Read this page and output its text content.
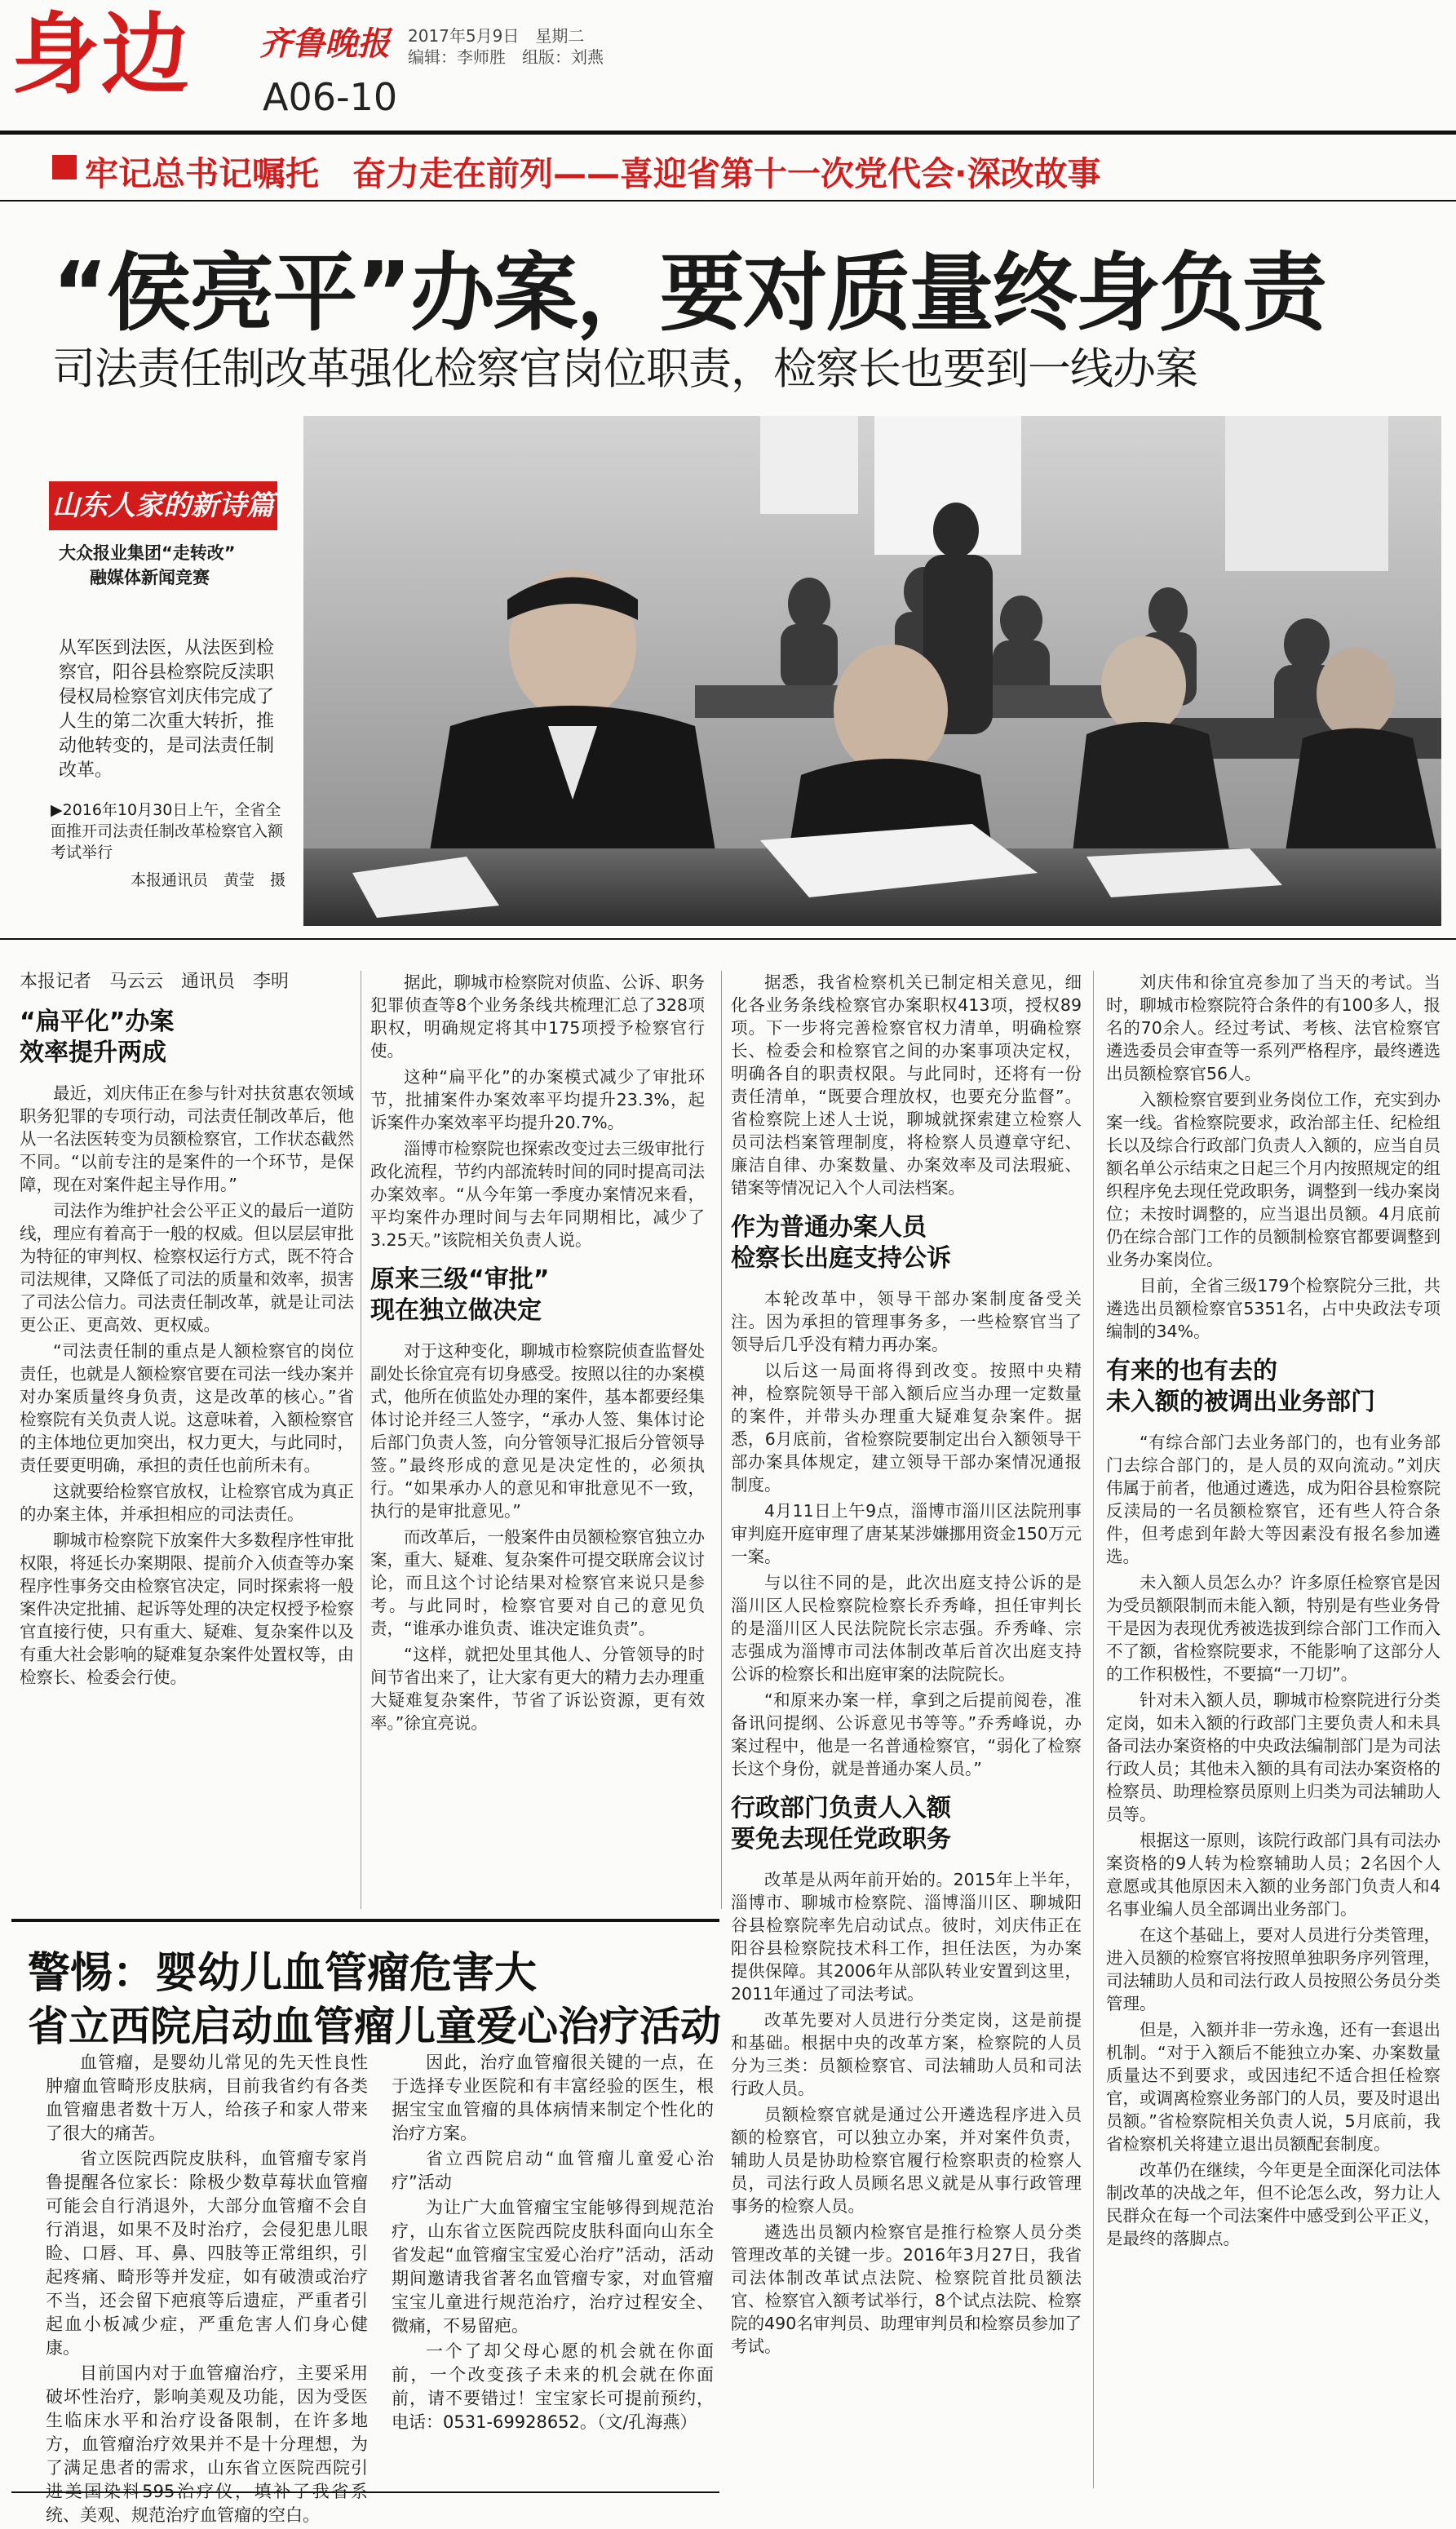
身边 齐鲁晚报 2017年5月9日　星期二
编辑：李师胜　组版：刘燕
A06-10
牢记总书记嘱托　奋力走在前列——喜迎省第十一次党代会·深改故事
“侯亮平”办案，要对质量终身负责
司法责任制改革强化检察官岗位职责，检察长也要到一线办案
山东人家的新诗篇
大众报业集团“走转改”
融媒体新闻竞赛
从军医到法医，从法医到检察官，阳谷县检察院反渎职侵权局检察官刘庆伟完成了人生的第二次重大转折，推动他转变的，是司法责任制改革。
▶2016年10月30日上午，全省全面推开司法责任制改革检察官入额考试举行
本报通讯员　黄莹　摄

本报记者　马云云　通讯员　李明

“扁平化”办案
效率提升两成

最近，刘庆伟正在参与针对扶贫惠农领域职务犯罪的专项行动，司法责任制改革后，他从一名法医转变为员额检察官，工作状态截然不同。“以前专注的是案件的一个环节，是保障，现在对案件起主导作用。”

司法作为维护社会公平正义的最后一道防线，理应有着高于一般的权威。但以层层审批为特征的审判权、检察权运行方式，既不符合司法规律，又降低了司法的质量和效率，损害了司法公信力。司法责任制改革，就是让司法更公正、更高效、更权威。

“司法责任制的重点是人额检察官的岗位责任，也就是人额检察官要在司法一线办案并对办案质量终身负责，这是改革的核心。”省检察院有关负责人说。这意味着，入额检察官的主体地位更加突出，权力更大，与此同时，责任要更明确，承担的责任也前所未有。

这就要给检察官放权，让检察官成为真正的办案主体，并承担相应的司法责任。

聊城市检察院下放案件大多数程序性审批权限，将延长办案期限、提前介入侦查等办案程序性事务交由检察官决定，同时探索将一般案件决定批捕、起诉等处理的决定权授予检察官直接行使，只有重大、疑难、复杂案件以及有重大社会影响的疑难复杂案件处置权等，由检察长、检委会行使。

据此，聊城市检察院对侦监、公诉、职务犯罪侦查等8个业务条线共梳理汇总了328项职权，明确规定将其中175项授予检察官行使。

这种“扁平化”的办案模式减少了审批环节，批捕案件办案效率平均提升23.3%，起诉案件办案效率平均提升20.7%。

淄博市检察院也探索改变过去三级审批行政化流程，节约内部流转时间的同时提高司法办案效率。“从今年第一季度办案情况来看，平均案件办理时间与去年同期相比，减少了3.25天。”该院相关负责人说。

原来三级“审批”
现在独立做决定

对于这种变化，聊城市检察院侦查监督处副处长徐宜亮有切身感受。按照以往的办案模式，他所在侦监处办理的案件，基本都要经集体讨论并经三人签字，“承办人签、集体讨论后部门负责人签，向分管领导汇报后分管领导签。”最终形成的意见是决定性的，必须执行。“如果承办人的意见和审批意见不一致，执行的是审批意见。”

而改革后，一般案件由员额检察官独立办案，重大、疑难、复杂案件可提交联席会议讨论，而且这个讨论结果对检察官来说只是参考。与此同时，检察官要对自己的意见负责，“谁承办谁负责、谁决定谁负责”。

“这样，就把处里其他人、分管领导的时间节省出来了，让大家有更大的精力去办理重大疑难复杂案件，节省了诉讼资源，更有效率。”徐宜亮说。

据悉，我省检察机关已制定相关意见，细化各业务条线检察官办案职权413项，授权89项。下一步将完善检察官权力清单，明确检察长、检委会和检察官之间的办案事项决定权，明确各自的职责权限。与此同时，还将有一份责任清单，“既要合理放权，也要充分监督”。省检察院上述人士说，聊城就探索建立检察人员司法档案管理制度，将检察人员遵章守纪、廉洁自律、办案数量、办案效率及司法瑕疵、错案等情况记入个人司法档案。

作为普通办案人员
检察长出庭支持公诉

本轮改革中，领导干部办案制度备受关注。因为承担的管理事务多，一些检察官当了领导后几乎没有精力再办案。

以后这一局面将得到改变。按照中央精神，检察院领导干部入额后应当办理一定数量的案件，并带头办理重大疑难复杂案件。据悉，6月底前，省检察院要制定出台入额领导干部办案具体规定，建立领导干部办案情况通报制度。

4月11日上午9点，淄博市淄川区法院刑事审判庭开庭审理了唐某某涉嫌挪用资金150万元一案。

与以往不同的是，此次出庭支持公诉的是淄川区人民检察院检察长乔秀峰，担任审判长的是淄川区人民法院院长宗志强。乔秀峰、宗志强成为淄博市司法体制改革后首次出庭支持公诉的检察长和出庭审案的法院院长。

“和原来办案一样，拿到之后提前阅卷，准备讯问提纲、公诉意见书等等。”乔秀峰说，办案过程中，他是一名普通检察官，“弱化了检察长这个身份，就是普通办案人员。”

行政部门负责人入额
要免去现任党政职务

改革是从两年前开始的。2015年上半年，淄博市、聊城市检察院、淄博淄川区、聊城阳谷县检察院率先启动试点。彼时，刘庆伟正在阳谷县检察院技术科工作，担任法医，为办案提供保障。其2006年从部队转业安置到这里，2011年通过了司法考试。

改革先要对人员进行分类定岗，这是前提和基础。根据中央的改革方案，检察院的人员分为三类：员额检察官、司法辅助人员和司法行政人员。

员额检察官就是通过公开遴选程序进入员额的检察官，可以独立办案，并对案件负责，辅助人员是协助检察官履行检察职责的检察人员，司法行政人员顾名思义就是从事行政管理事务的检察人员。

遴选出员额内检察官是推行检察人员分类管理改革的关键一步。2016年3月27日，我省司法体制改革试点法院、检察院首批员额法官、检察官入额考试举行，8个试点法院、检察院的490名审判员、助理审判员和检察员参加了考试。

刘庆伟和徐宜亮参加了当天的考试。当时，聊城市检察院符合条件的有100多人，报名的70余人。经过考试、考核、法官检察官遴选委员会审查等一系列严格程序，最终遴选出员额检察官56人。

入额检察官要到业务岗位工作，充实到办案一线。省检察院要求，政治部主任、纪检组长以及综合行政部门负责人入额的，应当自员额名单公示结束之日起三个月内按照规定的组织程序免去现任党政职务，调整到一线办案岗位；未按时调整的，应当退出员额。4月底前仍在综合部门工作的员额制检察官都要调整到业务办案岗位。

目前，全省三级179个检察院分三批，共遴选出员额检察官5351名，占中央政法专项编制的34%。

有来的也有去的
未入额的被调出业务部门

“有综合部门去业务部门的，也有业务部门去综合部门的，是人员的双向流动。”刘庆伟属于前者，他通过遴选，成为阳谷县检察院反渎局的一名员额检察官，还有些人符合条件，但考虑到年龄大等因素没有报名参加遴选。

未入额人员怎么办？许多原任检察官是因为受员额限制而未能入额，特别是有些业务骨干是因为表现优秀被选拔到综合部门工作而入不了额，省检察院要求，不能影响了这部分人的工作积极性，不要搞“一刀切”。

针对未入额人员，聊城市检察院进行分类定岗，如未入额的行政部门主要负责人和未具备司法办案资格的中央政法编制部门是为司法行政人员；其他未入额的具有司法办案资格的检察员、助理检察员原则上归类为司法辅助人员等。

根据这一原则，该院行政部门具有司法办案资格的9人转为检察辅助人员；2名因个人意愿或其他原因未入额的业务部门负责人和4名事业编人员全部调出业务部门。

在这个基础上，要对人员进行分类管理，进入员额的检察官将按照单独职务序列管理，司法辅助人员和司法行政人员按照公务员分类管理。

但是，入额并非一劳永逸，还有一套退出机制。“对于入额后不能独立办案、办案数量质量达不到要求，或因违纪不适合担任检察官，或调离检察业务部门的人员，要及时退出员额。”省检察院相关负责人说，5月底前，我省检察机关将建立退出员额配套制度。

改革仍在继续，今年更是全面深化司法体制改革的决战之年，但不论怎么改，努力让人民群众在每一个司法案件中感受到公平正义，是最终的落脚点。

警惕：婴幼儿血管瘤危害大
省立西院启动血管瘤儿童爱心治疗活动

血管瘤，是婴幼儿常见的先天性良性肿瘤血管畸形皮肤病，目前我省约有各类血管瘤患者数十万人，给孩子和家人带来了很大的痛苦。

省立医院西院皮肤科，血管瘤专家肖鲁提醒各位家长：除极少数草莓状血管瘤可能会自行消退外，大部分血管瘤不会自行消退，如果不及时治疗，会侵犯患儿眼睑、口唇、耳、鼻、四肢等正常组织，引起疼痛、畸形等并发症，如有破溃或治疗不当，还会留下疤痕等后遗症，严重者引起血小板减少症，严重危害人们身心健康。

目前国内对于血管瘤治疗，主要采用破坏性治疗，影响美观及功能，因为受医生临床水平和治疗设备限制，在许多地方，血管瘤治疗效果并不是十分理想，为了满足患者的需求，山东省立医院西院引进美国染料595治疗仪，填补了我省系统、美观、规范治疗血管瘤的空白。

因此，治疗血管瘤很关键的一点，在于选择专业医院和有丰富经验的医生，根据宝宝血管瘤的具体病情来制定个性化的治疗方案。

省立西院启动“血管瘤儿童爱心治疗”活动

为让广大血管瘤宝宝能够得到规范治疗，山东省立医院西院皮肤科面向山东全省发起“血管瘤宝宝爱心治疗”活动，活动期间邀请我省著名血管瘤专家，对血管瘤宝宝儿童进行规范治疗，治疗过程安全、微痛，不易留疤。

一个了却父母心愿的机会就在你面前，一个改变孩子未来的机会就在你面前，请不要错过！宝宝家长可提前预约，电话：0531-69928652。（文/孔海燕）
